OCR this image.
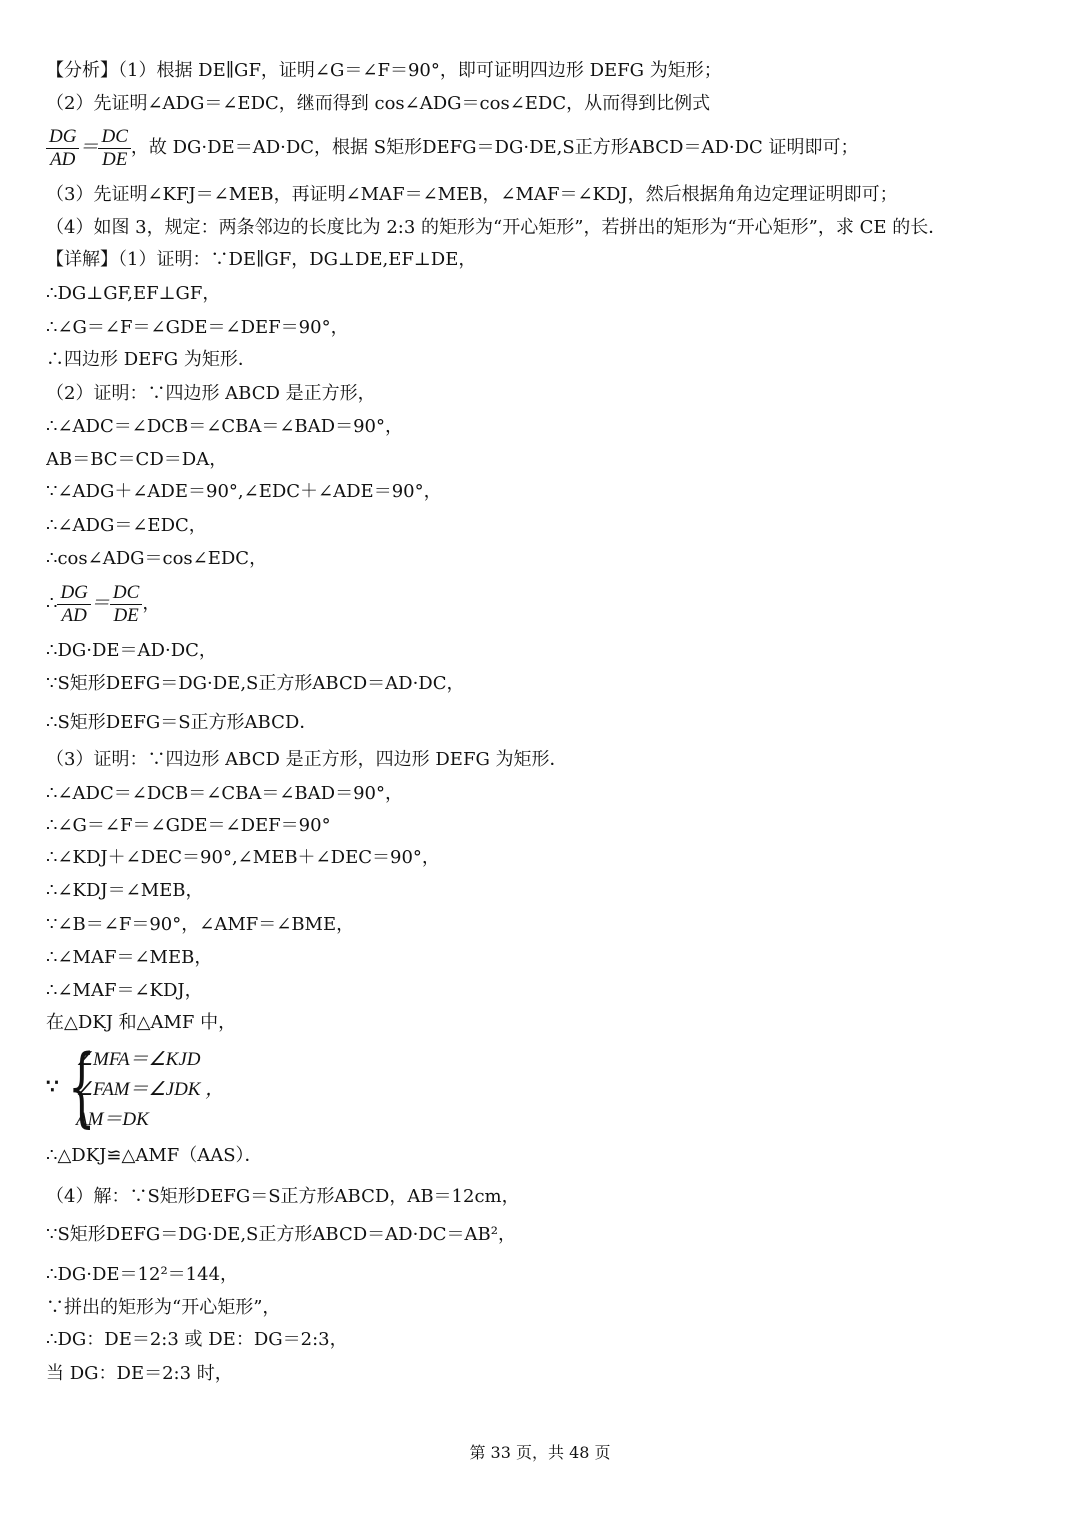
【分析】（1）根据 DE∥GF，证明∠G＝∠F＝90°，即可证明四边形 DEFG 为矩形；
（2）先证明∠ADG＝∠EDC，继而得到 cos∠ADG＝cos∠EDC，从而得到比例式
（3）先证明∠KFJ＝∠MEB，再证明∠MAF＝∠MEB，∠MAF＝∠KDJ，然后根据角角边定理证明即可；
（4）如图 3，规定：两条邻边的长度比为 2:3 的矩形为“开心矩形”，若拼出的矩形为“开心矩形”，求 CE 的长．
【详解】（1）证明：∵DE∥GF，DG⊥DE,EF⊥DE，
∴DG⊥GF,EF⊥GF，
∴∠G＝∠F＝∠GDE＝∠DEF＝90°，
∴四边形 DEFG 为矩形．
（2）证明：∵四边形 ABCD 是正方形，
∴∠ADC＝∠DCB＝∠CBA＝∠BAD＝90°，
AB＝BC＝CD＝DA，
∵∠ADG＋∠ADE＝90°,∠EDC＋∠ADE＝90°，
∴∠ADG＝∠EDC，
∴cos∠ADG＝cos∠EDC，
∴DG·DE＝AD·DC，
∵S矩形DEFG＝DG·DE,S正方形ABCD＝AD·DC，
∴S矩形DEFG＝S正方形ABCD．
（3）证明：∵四边形 ABCD 是正方形，四边形 DEFG 为矩形．
∴∠ADC＝∠DCB＝∠CBA＝∠BAD＝90°，
∴∠G＝∠F＝∠GDE＝∠DEF＝90°
∴∠KDJ＋∠DEC＝90°,∠MEB＋∠DEC＝90°，
∴∠KDJ＝∠MEB，
∵∠B＝∠F＝90°，∠AMF＝∠BME，
∴∠MAF＝∠MEB，
∴∠MAF＝∠KDJ，
在△DKJ 和△AMF 中，
∴△DKJ≌△AMF（AAS）．
（4）解：∵S矩形DEFG＝S正方形ABCD，AB＝12cm，
∵S矩形DEFG＝DG·DE,S正方形ABCD＝AD·DC＝AB²，
∴DG·DE＝12²＝144，
∵拼出的矩形为“开心矩形”，
∴DG：DE＝2:3 或 DE：DG＝2:3，
当 DG：DE＝2:3 时，
$\frac{DG}{AD} = \frac{DC}{DE}$ ，故 DG·DE＝AD·DC，根据 S矩形DEFG＝DG·DE,S正方形ABCD＝AD·DC 证明即可；
∴ $\frac{DG}{AD} = \frac{DC}{DE}$ ，
∵ {
∠MFA＝∠KJD
∠FAM＝∠JDK ，
AM＝DK
第 33 页，共 48 页
